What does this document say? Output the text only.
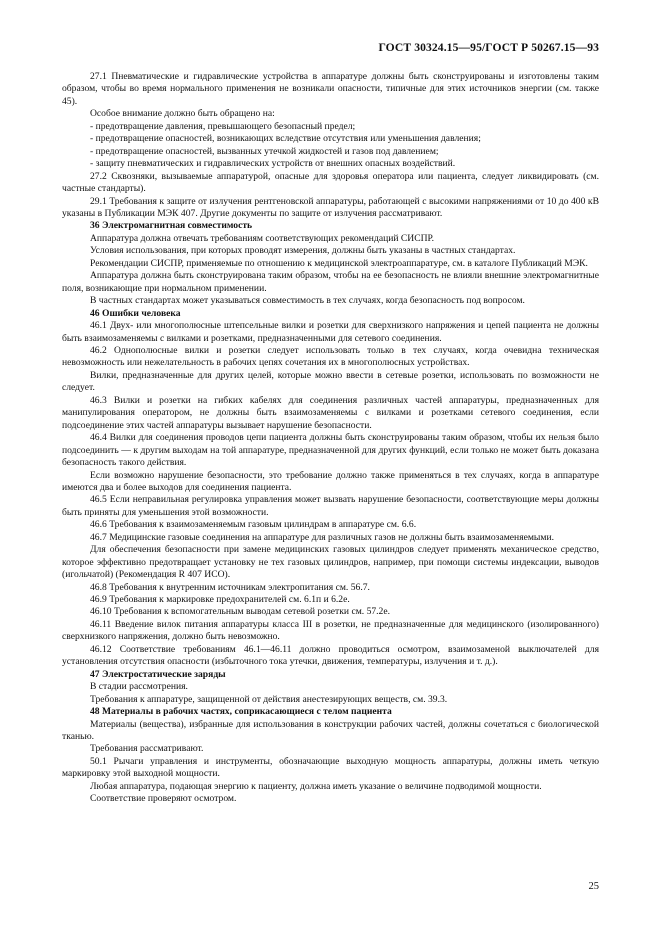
ГОСТ 30324.15—95/ГОСТ Р 50267.15—93

27.1 Пневматические и гидравлические устройства в аппаратуре должны быть сконструированы и изготовлены таким образом, чтобы во время нормального применения не возникали опасности, типичные для этих источников энергии (см. также 45).

Особое внимание должно быть обращено на:

- предотвращение давления, превышающего безопасный предел;

- предотвращение опасностей, возникающих вследствие отсутствия или уменьшения давления;

- предотвращение опасностей, вызванных утечкой жидкостей и газов под давлением;

- защиту пневматических и гидравлических устройств от внешних опасных воздействий.

27.2 Сквозняки, вызываемые аппаратурой, опасные для здоровья оператора или пациента, следует ликвидировать (см. частные стандарты).

29.1 Требования к защите от излучения рентгеновской аппаратуры, работающей с высокими напряжениями от 10 до 400 кВ указаны в Публикации МЭК 407. Другие документы по защите от излучения рассматривают.

36 Электромагнитная совместимость

Аппаратура должна отвечать требованиям соответствующих рекомендаций СИСПР.

Условия использования, при которых проводят измерения, должны быть указаны в частных стандартах.

Рекомендации СИСПР, применяемые по отношению к медицинской электроаппаратуре, см. в каталоге Публикаций МЭК.

Аппаратура должна быть сконструирована таким образом, чтобы на ее безопасность не влияли внешние электромагнитные поля, возникающие при нормальном применении.

В частных стандартах может указываться совместимость в тех случаях, когда безопасность под вопросом.

46 Ошибки человека

46.1 Двух- или многополюсные штепсельные вилки и розетки для сверхнизкого напряжения и цепей пациента не должны быть взаимозаменяемы с вилками и розетками, предназначенными для сетевого соединения.

46.2 Однополюсные вилки и розетки следует использовать только в тех случаях, когда очевидна техническая невозможность или нежелательность в рабочих цепях сочетания их в многополюсных устройствах.

Вилки, предназначенные для других целей, которые можно ввести в сетевые розетки, использовать по возможности не следует.

46.3 Вилки и розетки на гибких кабелях для соединения различных частей аппаратуры, предназначенных для манипулирования оператором, не должны быть взаимозаменяемы с вилками и розетками сетевого соединения, если подсоединение этих частей аппаратуры вызывает нарушение безопасности.

46.4 Вилки для соединения проводов цепи пациента должны быть сконструированы таким образом, чтобы их нельзя было подсоединить — к другим выходам на той аппаратуре, предназначенной для других функций, если только не может быть доказана безопасность такого действия.

Если возможно нарушение безопасности, это требование должно также применяться в тех случаях, когда в аппаратуре имеются два и более выходов для соединения пациента.

46.5 Если неправильная регулировка управления может вызвать нарушение безопасности, соответствующие меры должны быть приняты для уменьшения этой возможности.

46.6 Требования к взаимозаменяемым газовым цилиндрам в аппаратуре см. 6.6.

46.7 Медицинские газовые соединения на аппаратуре для различных газов не должны быть взаимозаменяемыми.

Для обеспечения безопасности при замене медицинских газовых цилиндров следует применять механическое средство, которое эффективно предотвращает установку не тех газовых цилиндров, например, при помощи системы индексации, выводов (игольчатой) (Рекомендация R 407 ИСО).

46.8 Требования к внутренним источникам электропитания см. 56.7.

46.9 Требования к маркировке предохранителей см. 6.1п и 6.2е.

46.10 Требования к вспомогательным выводам сетевой розетки см. 57.2е.

46.11 Введение вилок питания аппаратуры класса III в розетки, не предназначенные для медицинского (изолированного) сверхнизкого напряжения, должно быть невозможно.

46.12 Соответствие требованиям 46.1—46.11 должно проводиться осмотром, взаимозаменой выключателей для установления отсутствия опасности (избыточного тока утечки, движения, температуры, излучения и т. д.).

47 Электростатические заряды

В стадии рассмотрения.

Требования к аппаратуре, защищенной от действия анестезирующих веществ, см. 39.3.

48 Материалы в рабочих частях, соприкасающиеся с телом пациента

Материалы (вещества), избранные для использования в конструкции рабочих частей, должны сочетаться с биологической тканью.

Требования рассматривают.

50.1 Рычаги управления и инструменты, обозначающие выходную мощность аппаратуры, должны иметь четкую маркировку этой выходной мощности.

Любая аппаратура, подающая энергию к пациенту, должна иметь указание о величине подводимой мощности.

Соответствие проверяют осмотром.

25
